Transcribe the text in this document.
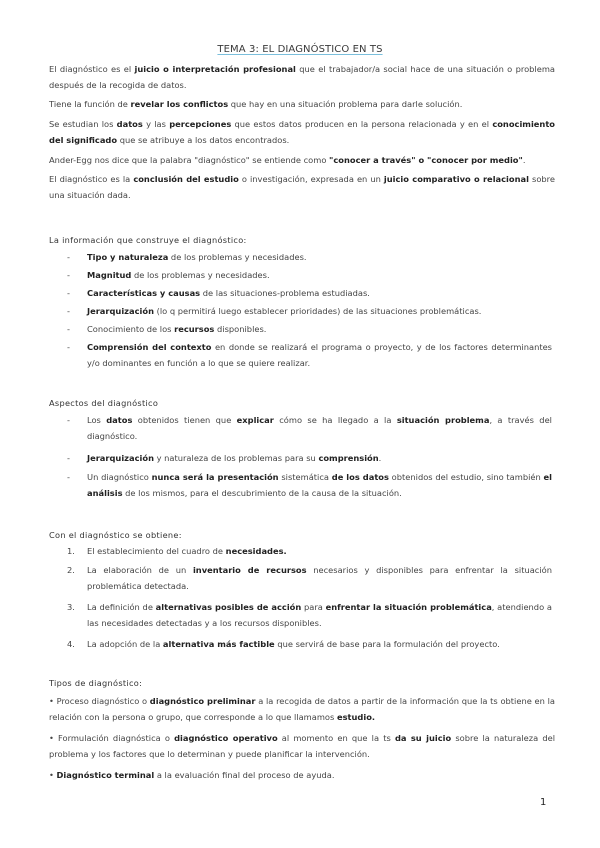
TEMA 3: EL DIAGNÓSTICO EN TS
El diagnóstico es el juicio o interpretación profesional que el trabajador/a social hace de una situación o problema después de la recogida de datos.
Tiene la función de revelar los conflictos que hay en una situación problema para darle solución.
Se estudian los datos y las percepciones que estos datos producen en la persona relacionada y en el conocimiento del significado que se atribuye a los datos encontrados.
Ander-Egg nos dice que la palabra "diagnóstico" se entiende como "conocer a través" o "conocer por medio".
El diagnóstico es la conclusión del estudio o investigación, expresada en un juicio comparativo o relacional sobre una situación dada.
La información que construye el diagnóstico:
- Tipo y naturaleza de los problemas y necesidades.
- Magnitud de los problemas y necesidades.
- Características y causas de las situaciones-problema estudiadas.
- Jerarquización (lo q permitirá luego establecer prioridades) de las situaciones problemáticas.
- Conocimiento de los recursos disponibles.
- Comprensión del contexto en donde se realizará el programa o proyecto, y de los factores determinantes y/o dominantes en función a lo que se quiere realizar.
Aspectos del diagnóstico
- Los datos obtenidos tienen que explicar cómo se ha llegado a la situación problema, a través del diagnóstico.
- Jerarquización y naturaleza de los problemas para su comprensión.
- Un diagnóstico nunca será la presentación sistemática de los datos obtenidos del estudio, sino también el análisis de los mismos, para el descubrimiento de la causa de la situación.
Con el diagnóstico se obtiene:
1. El establecimiento del cuadro de necesidades.
2. La elaboración de un inventario de recursos necesarios y disponibles para enfrentar la situación problemática detectada.
3. La definición de alternativas posibles de acción para enfrentar la situación problemática, atendiendo a las necesidades detectadas y a los recursos disponibles.
4. La adopción de la alternativa más factible que servirá de base para la formulación del proyecto.
Tipos de diagnóstico:
• Proceso diagnóstico o diagnóstico preliminar a la recogida de datos a partir de la información que la ts obtiene en la relación con la persona o grupo, que corresponde a lo que llamamos estudio.
• Formulación diagnóstica o diagnóstico operativo al momento en que la ts da su juicio sobre la naturaleza del problema y los factores que lo determinan y puede planificar la intervención.
• Diagnóstico terminal a la evaluación final del proceso de ayuda.
1
